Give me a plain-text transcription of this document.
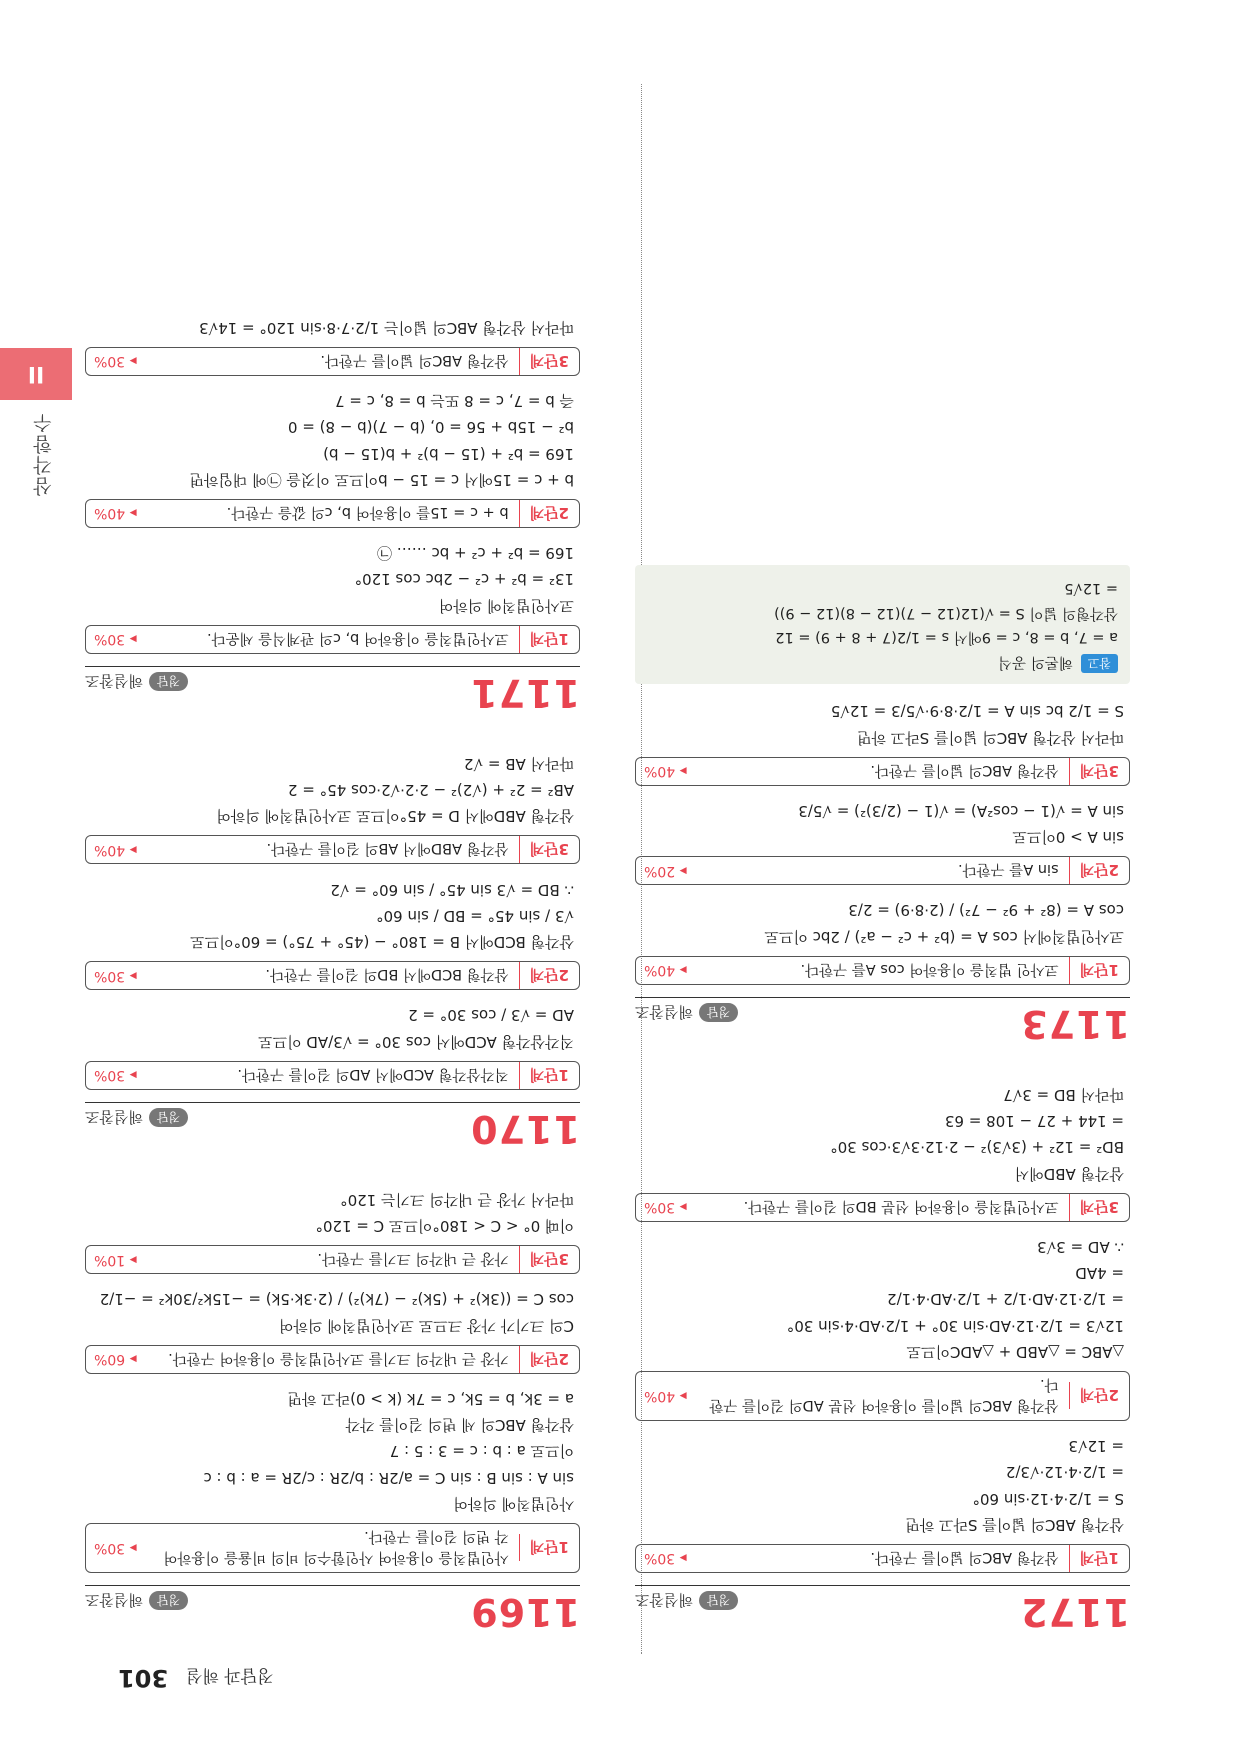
정답과 해설
301
II
삼각함수
1169
정답
해설참조
1단계
사인법칙을 이용하여 사인함수의 비의 비율을 이용하여 각 변의 길이를 구한다.
▸ 30%
사인법칙에 의하여
sin A : sin B : sin C = a/2R : b/2R : c/2R = a : b : c
이므로 a : b : c = 3 : 5 : 7
삼각형 ABC의 세 변의 길이를 각각
a = 3k, b = 5k, c = 7k (k > 0)라고 하면
2단계
가장 큰 내각의 크기를 코사인법칙을 이용하여 구한다.
▸ 60%
C의 크기가 가장 크므로 코사인법칙에 의하여
cos C = ((3k)² + (5k)² − (7k)²) / (2·3k·5k) = −15k²/30k² = −1/2
3단계
가장 큰 내각의 크기를 구한다.
▸ 10%
이때 0° < C < 180°이므로 C = 120°
따라서 가장 큰 내각의 크기는 120°
1170
정답
해설참조
1단계
직각삼각형 ACD에서 AD의 길이를 구한다.
▸ 30%
직각삼각형 ACD에서 cos 30° = √3/AD 이므로
AD = √3 / cos 30° = 2
2단계
삼각형 BCD에서 BD의 길이를 구한다.
▸ 30%
삼각형 BCD에서 B = 180° − (45° + 75°) = 60°이므로
√3 / sin 45° = BD / sin 60°
∴ BD = √3 sin 45° / sin 60° = √2
3단계
삼각형 ABD에서 AB의 길이를 구한다.
▸ 40%
삼각형 ABD에서 D = 45°이므로 코사인법칙에 의하여
AB² = 2² + (√2)² − 2·2·√2·cos 45° = 2
따라서 AB = √2
1171
정답
해설참조
1단계
코사인법칙을 이용하여 b, c의 관계식을 세운다.
▸ 30%
코사인법칙에 의하여
13² = b² + c² − 2bc cos 120°
169 = b² + c² + bc …… ㉠
2단계
b + c = 15를 이용하여 b, c의 값을 구한다.
▸ 40%
b + c = 15에서 c = 15 − b이므로 이것을 ㉠에 대입하면
169 = b² + (15 − b)² + b(15 − b)
b² − 15b + 56 = 0, (b − 7)(b − 8) = 0
즉 b = 7, c = 8 또는 b = 8, c = 7
3단계
삼각형 ABC의 넓이를 구한다.
▸ 30%
따라서 삼각형 ABC의 넓이는 1/2·7·8·sin 120° = 14√3
1172
정답
해설참조
1단계
삼각형 ABC의 넓이를 구한다.
▸ 30%
삼각형 ABC의 넓이를 S라고 하면
S = 1/2·4·12·sin 60°
= 1/2·4·12·√3/2
= 12√3
2단계
삼각형 ABC의 넓이를 이용하여 선분 AD의 길이를 구한다.
▸ 40%
△ABC = △ABD + △ADC이므로
12√3 = 1/2·12·AD·sin 30° + 1/2·AD·4·sin 30°
= 1/2·12·AD·1/2 + 1/2·AD·4·1/2
= 4AD
∴ AD = 3√3
3단계
코사인법칙을 이용하여 선분 BD의 길이를 구한다.
▸ 30%
삼각형 ABD에서
BD² = 12² + (3√3)² − 2·12·3√3·cos 30°
= 144 + 27 − 108 = 63
따라서 BD = 3√7
1173
정답
해설참조
1단계
코사인 법칙을 이용하여 cos A를 구한다.
▸ 40%
코사인법칙에서 cos A = (b² + c² − a²) / 2bc 이므로
cos A = (8² + 9² − 7²) / (2·8·9) = 2/3
2단계
sin A를 구한다.
▸ 20%
sin A > 0이므로
sin A = √(1 − cos²A) = √(1 − (2/3)²) = √5/3
3단계
삼각형 ABC의 넓이를 구한다.
▸ 40%
따라서 삼각형 ABC의 넓이를 S라고 하면
S = 1/2 bc sin A = 1/2·8·9·√5/3 = 12√5
참고
헤론의 공식
a = 7, b = 8, c = 9에서 s = 1/2(7 + 8 + 9) = 12
삼각형의 넓이 S = √(12(12 − 7)(12 − 8)(12 − 9))
= 12√5
